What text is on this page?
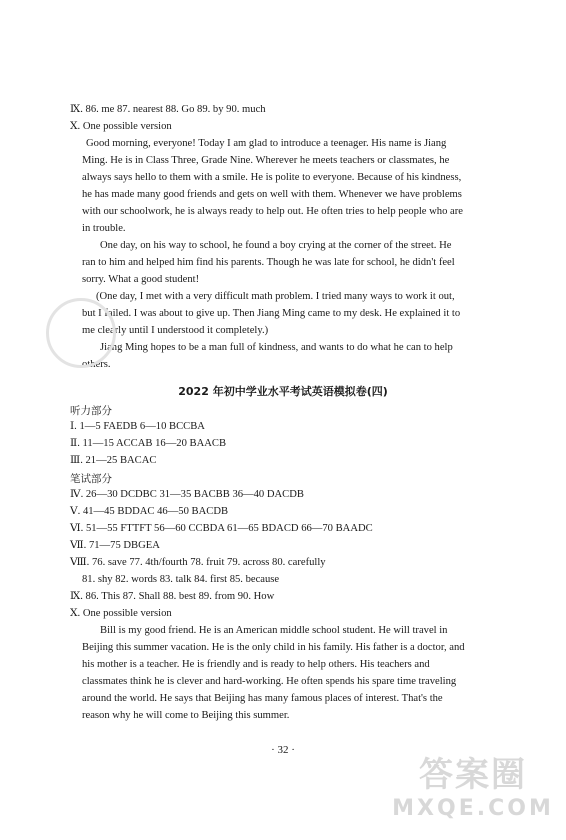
Ⅸ. 86. me 87. nearest 88. Go 89. by 90. much
Ⅹ. One possible version
Good morning, everyone! Today I am glad to introduce a teenager. His name is Jiang
Ming. He is in Class Three, Grade Nine. Wherever he meets teachers or classmates, he
always says hello to them with a smile. He is polite to everyone. Because of his kindness,
he has made many good friends and gets on well with them. Whenever we have problems
with our schoolwork, he is always ready to help out. He often tries to help people who are
in trouble.
One day, on his way to school, he found a boy crying at the corner of the street. He
ran to him and helped him find his parents. Though he was late for school, he didn't feel
sorry. What a good student!
(One day, I met with a very difficult math problem. I tried many ways to work it out,
but I failed. I was about to give up. Then Jiang Ming came to my desk. He explained it to
me clearly until I understood it completely.)
Jiang Ming hopes to be a man full of kindness, and wants to do what he can to help
others.
2022 年初中学业水平考试英语模拟卷(四)
听力部分
Ⅰ. 1—5 FAEDB 6—10 BCCBA
Ⅱ. 11—15 ACCAB 16—20 BAACB
Ⅲ. 21—25 BACAC
笔试部分
Ⅳ. 26—30 DCDBC 31—35 BACBB 36—40 DACDB
Ⅴ. 41—45 BDDAC 46—50 BACDB
Ⅵ. 51—55 FTTFT 56—60 CCBDA 61—65 BDACD 66—70 BAADC
Ⅶ. 71—75 DBGEA
Ⅷ. 76. save 77. 4th/fourth 78. fruit 79. across 80. carefully
81. shy 82. words 83. talk 84. first 85. because
Ⅸ. 86. This 87. Shall 88. best 89. from 90. How
Ⅹ. One possible version
Bill is my good friend. He is an American middle school student. He will travel in
Beijing this summer vacation. He is the only child in his family. His father is a doctor, and
his mother is a teacher. He is friendly and is ready to help others. His teachers and
classmates think he is clever and hard-working. He often spends his spare time traveling
around the world. He says that Beijing has many famous places of interest. That's the
reason why he will come to Beijing this summer.
· 32 ·
答案圈
MXQE.COM
